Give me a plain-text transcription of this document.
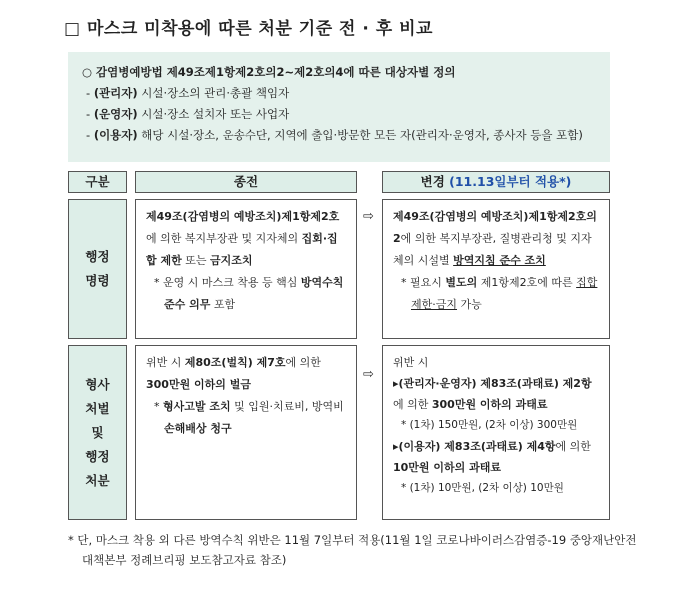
□ 마스크 미착용에 따른 처분 기준 전 · 후 비교
○ 감염병예방법 제49조제1항제2호의2~제2호의4에 따른 대상자별 정의
- (관리자) 시설·장소의 관리·총괄 책임자
- (운영자) 시설·장소 설치자 또는 사업자
- (이용자) 해당 시설·장소, 운송수단, 지역에 출입·방문한 모든 자(관리자·운영자, 종사자 등을 포함)
구분	종전	변경 (11.13일부터 적용*)
행정
명령
제49조(감염병의 예방조치)제1항제2호에 의한 복지부장관 및 지자체의 집회·집합 제한 또는 금지조치
* 운영 시 마스크 착용 등 핵심 방역수칙 준수 의무 포함
⇨ 제49조(감염병의 예방조치)제1항제2호의2에 의한 복지부장관, 질병관리청 및 지자체의 시설별 방역지침 준수 조치
* 필요시 별도의 제1항제2호에 따른 집합제한·금지 가능
형사
처벌
및
행정
처분
위반 시 제80조(벌칙) 제7호에 의한
300만원 이하의 벌금
* 형사고발 조치 및 입원·치료비, 방역비 손해배상 청구
⇨
위반 시
▸(관리자·운영자) 제83조(과태료) 제2항에 의한 300만원 이하의 과태료
* (1차) 150만원, (2차 이상) 300만원
▸(이용자) 제83조(과태료) 제4항에 의한 10만원 이하의 과태료
* (1차) 10만원, (2차 이상) 10만원
* 단, 마스크 착용 외 다른 방역수칙 위반은 11월 7일부터 적용(11월 1일 코로나바이러스감염증-19 중앙재난안전대책본부 정례브리핑 보도참고자료 참조)
